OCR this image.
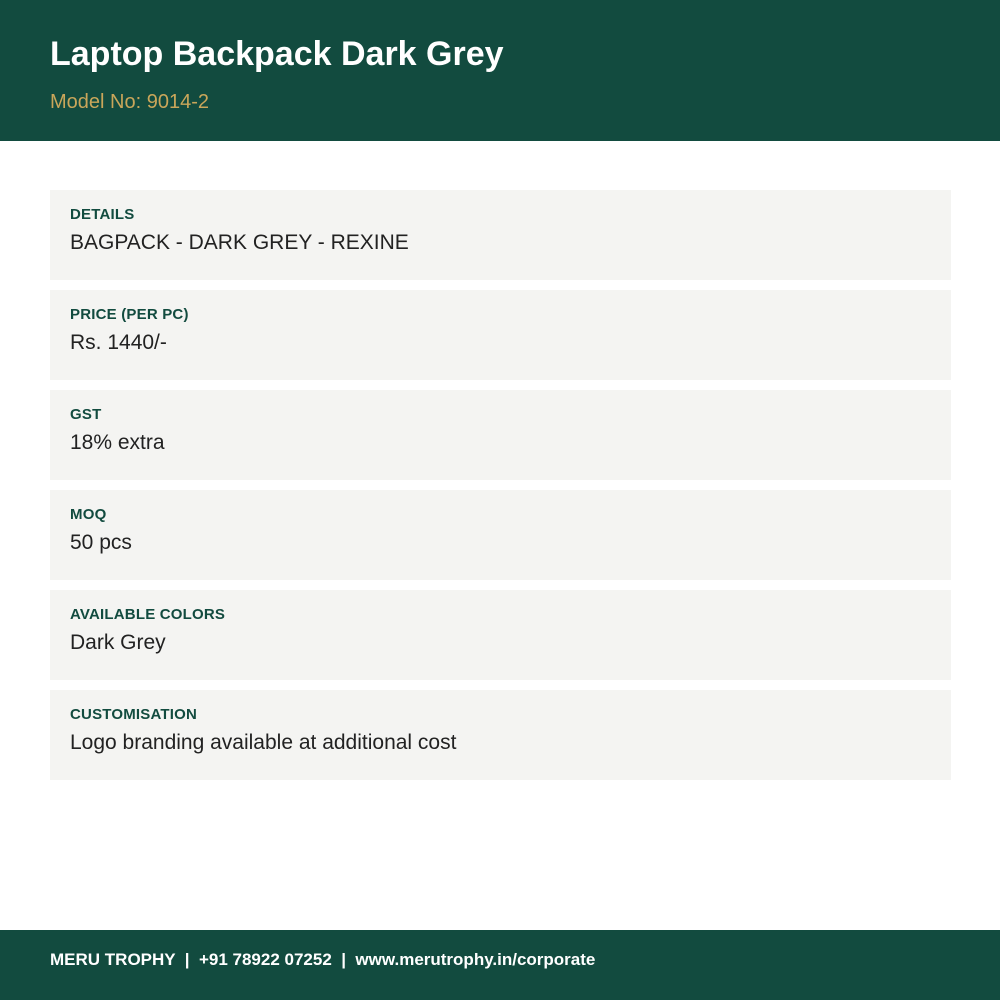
Laptop Backpack Dark Grey
Model No: 9014-2
DETAILS
BAGPACK - DARK GREY - REXINE
PRICE (PER PC)
Rs. 1440/-
GST
18% extra
MOQ
50 pcs
AVAILABLE COLORS
Dark Grey
CUSTOMISATION
Logo branding available at additional cost
MERU TROPHY  |  +91 78922 07252  |  www.merutrophy.in/corporate
